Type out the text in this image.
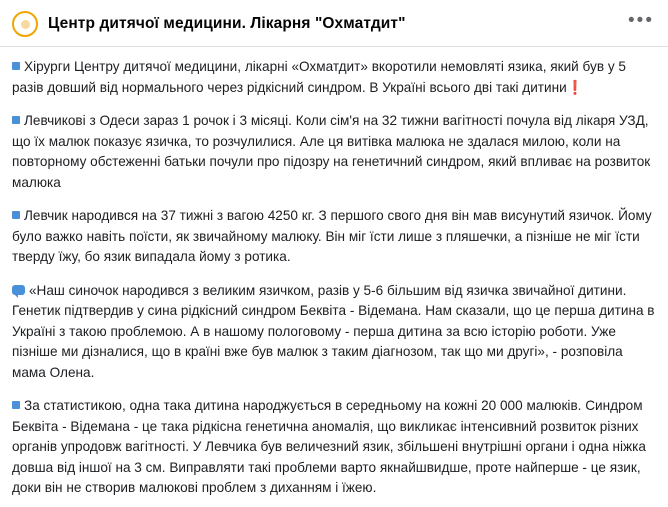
Центр дитячої медицини. Лікарня "Охматдит"	•••

Хірурги Центру дитячої медицини, лікарні «Охматдит» вкоротили немовляті язика, який був у 5 разів довший від нормального через рідкісний синдром. В Україні всього дві такі дитини❗

Левчикові з Одеси зараз 1 рочок і 3 місяці. Коли сім'я на 32 тижни вагітності почула від лікаря УЗД, що їх малюк показує язичка, то розчулилися. Але ця витівка малюка не здалася милою, коли на повторному обстеженні батьки почули про підозру на генетичний синдром, який впливає на розвиток малюка

Левчик народився на 37 тижні з вагою 4250 кг. З першого свого дня він мав висунутий язичок. Йому було важко навіть поїсти, як звичайному малюку. Він міг їсти лише з пляшечки, а пізніше не міг їсти тверду їжу, бо язик випадала йому з ротика.

«Наш синочок народився з великим язичком, разів у 5-6 більшим від язичка звичайної дитини. Генетик підтвердив у сина рідкісний синдром Беквіта - Відемана. Нам сказали, що це перша дитина в Україні з такою проблемою. А в нашому пологовому - перша дитина за всю історію роботи. Уже пізніше ми дізналися, що в країні вже був малюк з таким діагнозом, так що ми другі», - розповіла мама Олена.

За статистикою, одна така дитина народжується в середньому на кожні 20 000 малюків. Синдром Беквіта - Відемана - це така рідкісна генетична аномалія, що викликає інтенсивний розвиток різних органів упродовж вагітності. У Левчика був величезний язик, збільшені внутрішні органи і одна ніжка довша від іншої на 3 см. Виправляти такі проблеми варто якнайшвидше, проте найперше - це язик, доки він не створив малюкові проблем з диханням і їжею.
